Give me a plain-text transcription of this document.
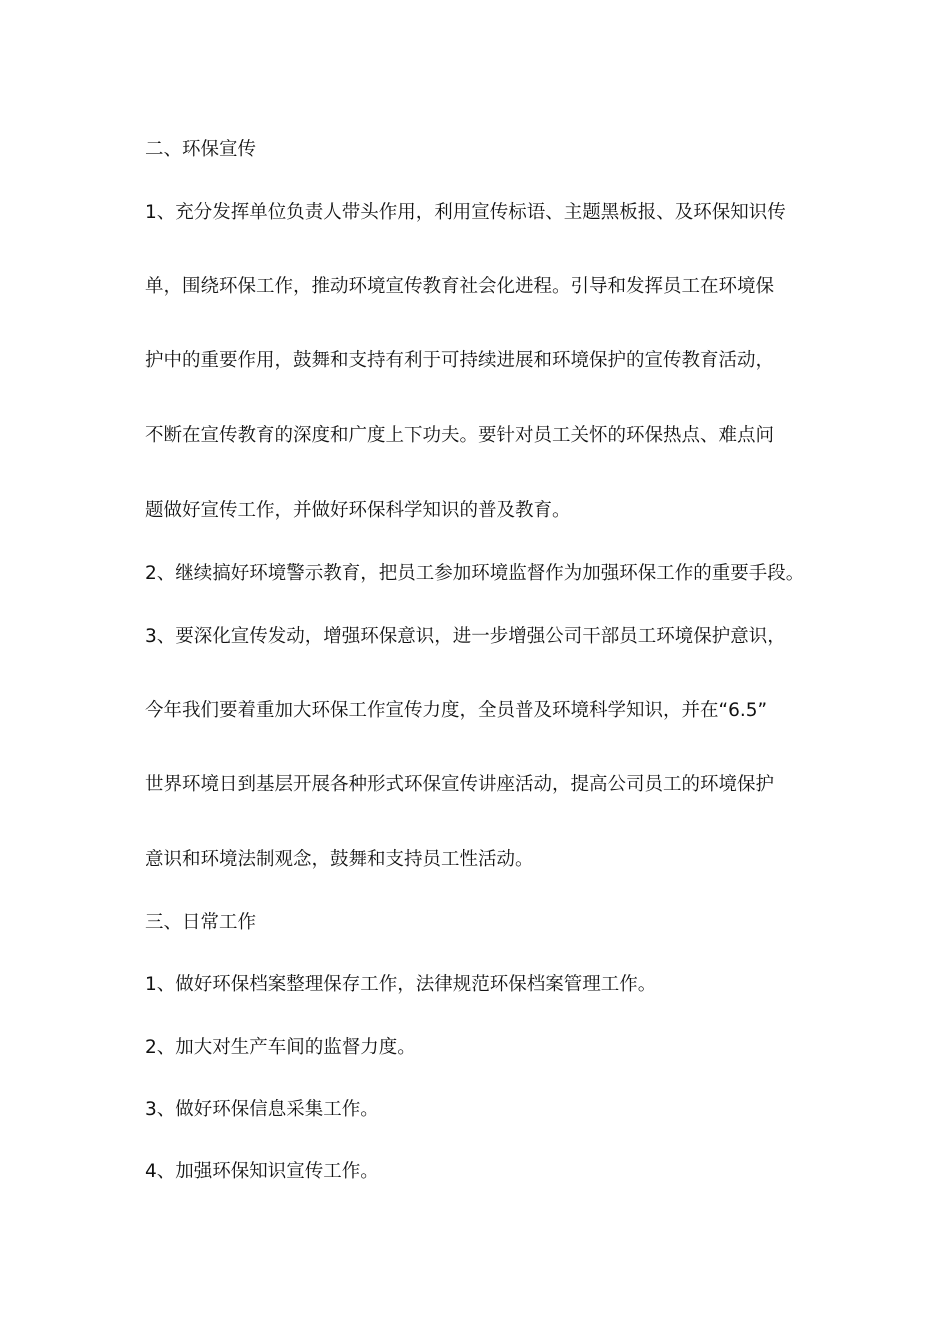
二、环保宣传
1、充分发挥单位负责人带头作用，利用宣传标语、主题黑板报、及环保知识传
单，围绕环保工作，推动环境宣传教育社会化进程。引导和发挥员工在环境保
护中的重要作用，鼓舞和支持有利于可持续进展和环境保护的宣传教育活动，
不断在宣传教育的深度和广度上下功夫。要针对员工关怀的环保热点、难点问
题做好宣传工作，并做好环保科学知识的普及教育。
2、继续搞好环境警示教育，把员工参加环境监督作为加强环保工作的重要手段。
3、要深化宣传发动，增强环保意识，进一步增强公司干部员工环境保护意识，
今年我们要着重加大环保工作宣传力度，全员普及环境科学知识，并在“6.5”
世界环境日到基层开展各种形式环保宣传讲座活动，提高公司员工的环境保护
意识和环境法制观念，鼓舞和支持员工性活动。
三、日常工作
1、做好环保档案整理保存工作，法律规范环保档案管理工作。
2、加大对生产车间的监督力度。
3、做好环保信息采集工作。
4、加强环保知识宣传工作。
